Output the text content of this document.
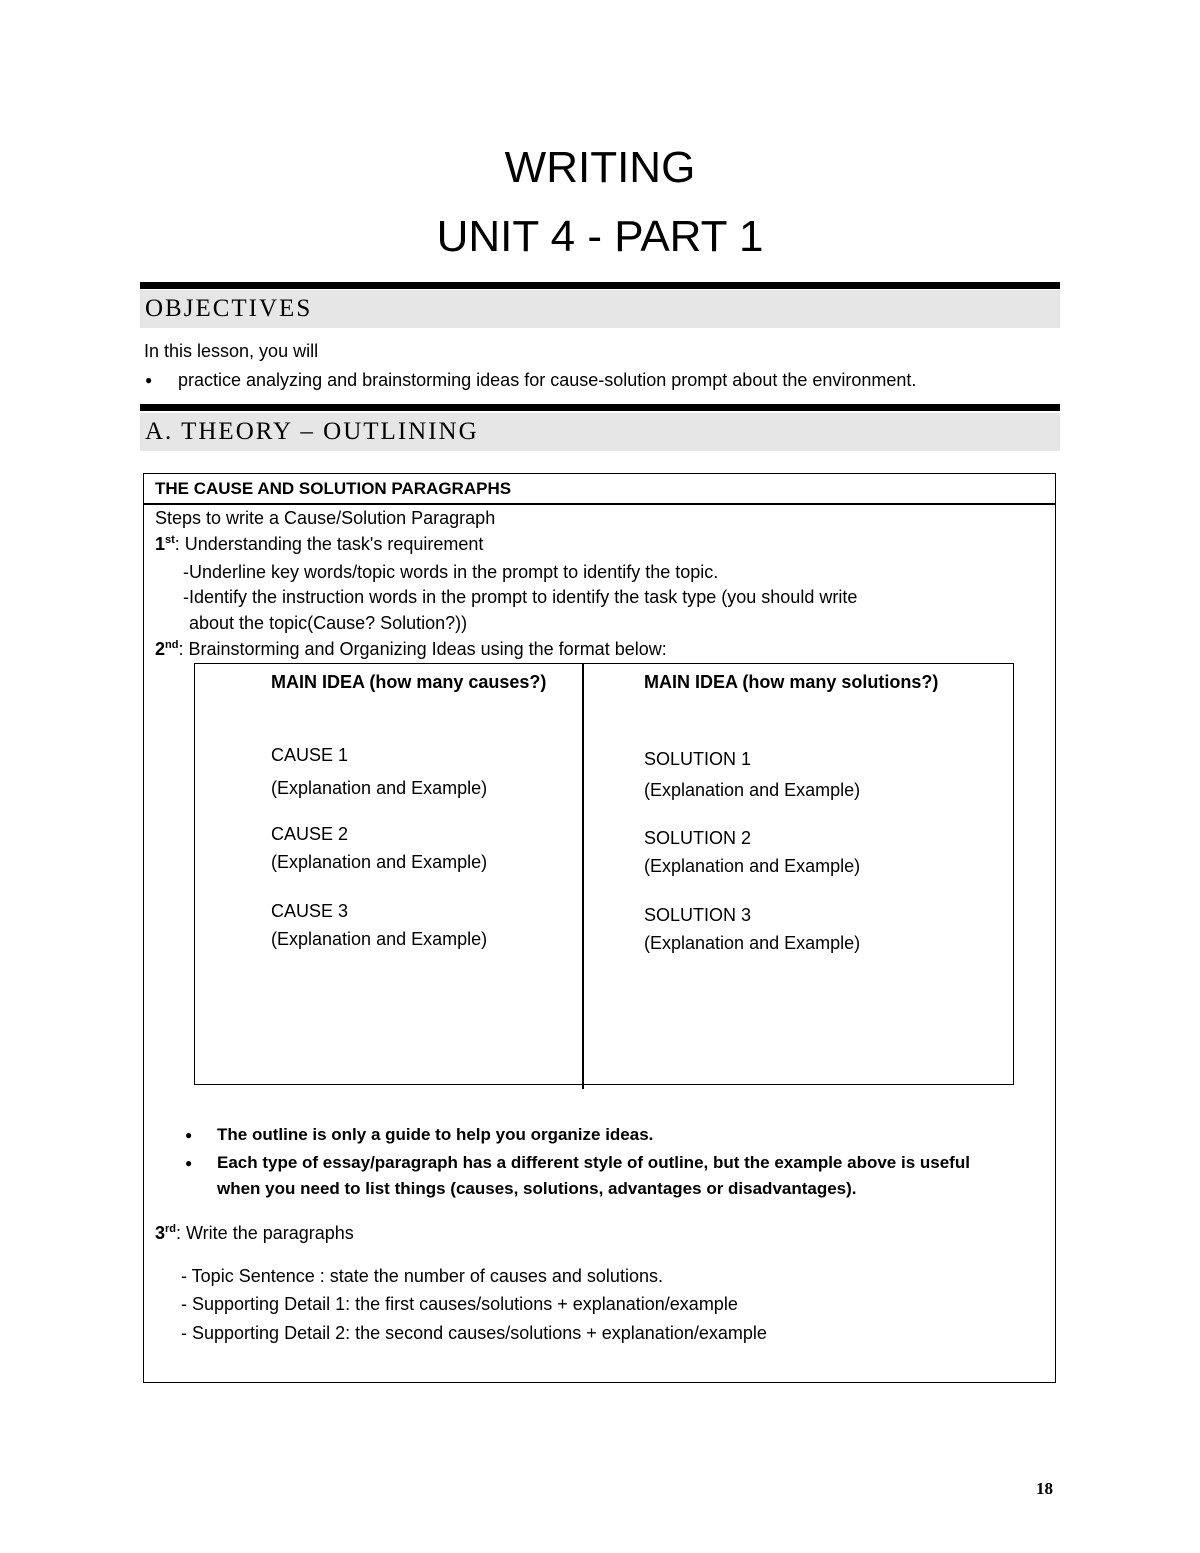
WRITING
UNIT 4 - PART 1
OBJECTIVES
In this lesson, you will
● practice analyzing and brainstorming ideas for cause-solution prompt about the environment.
A. THEORY – OUTLINING
THE CAUSE AND SOLUTION PARAGRAPHS
Steps to write a Cause/Solution Paragraph
1st: Understanding the task's requirement
-Underline key words/topic words in the prompt to identify the topic.
-Identify the instruction words in the prompt to identify the task type (you should write
about the topic(Cause? Solution?))
2nd: Brainstorming and Organizing Ideas using the format below:
MAIN IDEA (how many causes?)	MAIN IDEA (how many solutions?)
CAUSE 1
(Explanation and Example)
CAUSE 2
(Explanation and Example)
CAUSE 3
(Explanation and Example)
SOLUTION 1
(Explanation and Example)
SOLUTION 2
(Explanation and Example)
SOLUTION 3
(Explanation and Example)
● The outline is only a guide to help you organize ideas.
● Each type of essay/paragraph has a different style of outline, but the example above is useful
when you need to list things (causes, solutions, advantages or disadvantages).
3rd: Write the paragraphs
- Topic Sentence : state the number of causes and solutions.
- Supporting Detail 1: the first causes/solutions + explanation/example
- Supporting Detail 2: the second causes/solutions + explanation/example
18
